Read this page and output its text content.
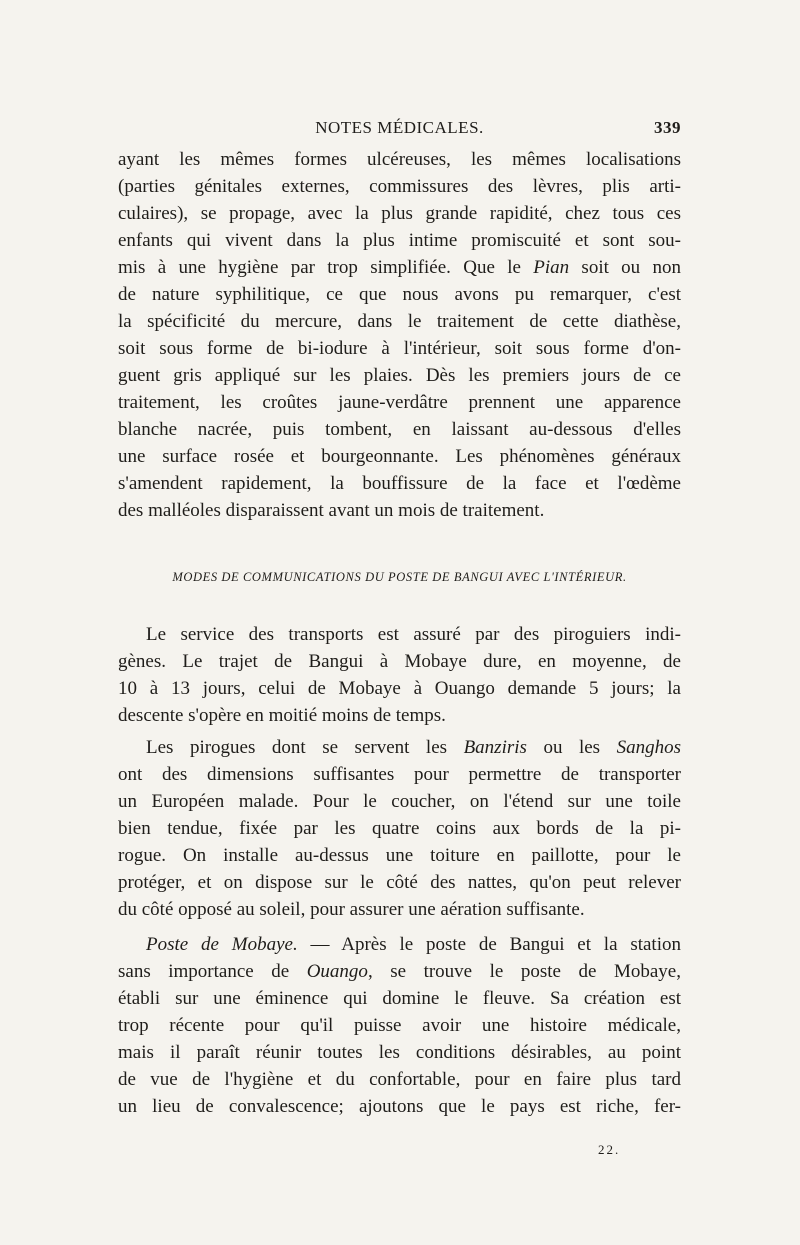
NOTES MÉDICALES.	339
ayant les mêmes formes ulcéreuses, les mêmes localisations
(parties génitales externes, commissures des lèvres, plis arti-
culaires), se propage, avec la plus grande rapidité, chez tous ces
enfants qui vivent dans la plus intime promiscuité et sont sou-
mis à une hygiène par trop simplifiée. Que le Pian soit ou non
de nature syphilitique, ce que nous avons pu remarquer, c'est
la spécificité du mercure, dans le traitement de cette diathèse,
soit sous forme de bi-iodure à l'intérieur, soit sous forme d'on-
guent gris appliqué sur les plaies. Dès les premiers jours de ce
traitement, les croûtes jaune-verdâtre prennent une apparence
blanche nacrée, puis tombent, en laissant au-dessous d'elles
une surface rosée et bourgeonnante. Les phénomènes généraux
s'amendent rapidement, la bouffissure de la face et l'œdème
des malléoles disparaissent avant un mois de traitement.
MODES DE COMMUNICATIONS DU POSTE DE BANGUI AVEC L'INTÉRIEUR.
Le service des transports est assuré par des piroguiers indi-
gènes. Le trajet de Bangui à Mobaye dure, en moyenne, de
10 à 13 jours, celui de Mobaye à Ouango demande 5 jours; la
descente s'opère en moitié moins de temps.
Les pirogues dont se servent les Banziris ou les Sanghos
ont des dimensions suffisantes pour permettre de transporter
un Européen malade. Pour le coucher, on l'étend sur une toile
bien tendue, fixée par les quatre coins aux bords de la pi-
rogue. On installe au-dessus une toiture en paillotte, pour le
protéger, et on dispose sur le côté des nattes, qu'on peut relever
du côté opposé au soleil, pour assurer une aération suffisante.
Poste de Mobaye. — Après le poste de Bangui et la station
sans importance de Ouango, se trouve le poste de Mobaye,
établi sur une éminence qui domine le fleuve. Sa création est
trop récente pour qu'il puisse avoir une histoire médicale,
mais il paraît réunir toutes les conditions désirables, au point
de vue de l'hygiène et du confortable, pour en faire plus tard
un lieu de convalescence; ajoutons que le pays est riche, fer-
22.
